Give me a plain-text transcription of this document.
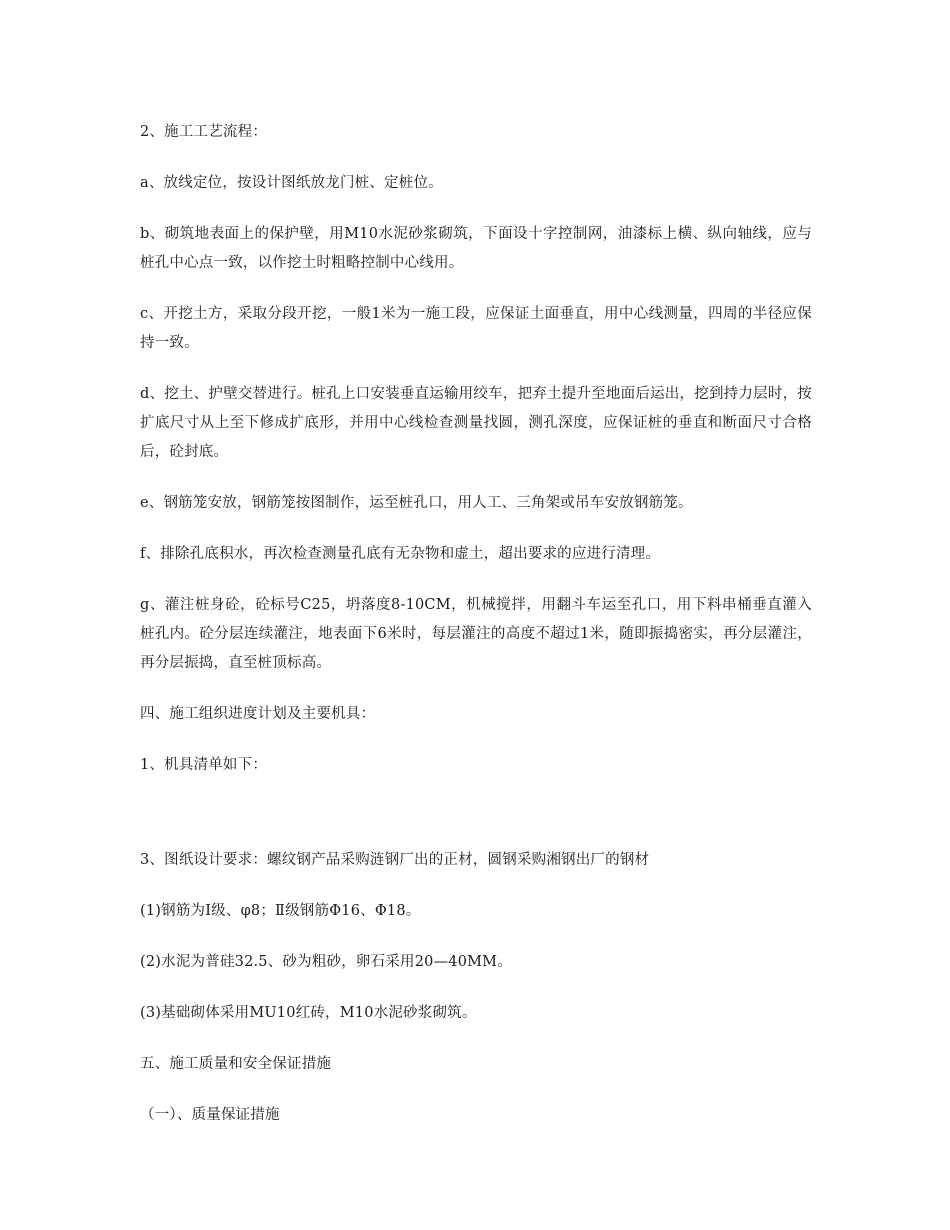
2、施工工艺流程：

a、放线定位，按设计图纸放龙门桩、定桩位。

b、砌筑地表面上的保护壁，用M10水泥砂浆砌筑，下面设十字控制网，油漆标上横、纵向轴线，应与桩孔中心点一致，以作挖土时粗略控制中心线用。

c、开挖土方，采取分段开挖，一般1米为一施工段，应保证土面垂直，用中心线测量，四周的半径应保持一致。

d、挖土、护壁交替进行。桩孔上口安装垂直运输用绞车，把弃土提升至地面后运出，挖到持力层时，按扩底尺寸从上至下修成扩底形，并用中心线检查测量找圆，测孔深度，应保证桩的垂直和断面尺寸合格后，砼封底。

e、钢筋笼安放，钢筋笼按图制作，运至桩孔口，用人工、三角架或吊车安放钢筋笼。

f、排除孔底积水，再次检查测量孔底有无杂物和虚土，超出要求的应进行清理。

g、灌注桩身砼，砼标号C25，坍落度8-10CM，机械搅拌，用翻斗车运至孔口，用下料串桶垂直灌入桩孔内。砼分层连续灌注，地表面下6米时，每层灌注的高度不超过1米，随即振捣密实，再分层灌注，再分层振捣，直至桩顶标高。

四、施工组织进度计划及主要机具：

1、机具清单如下：

3、图纸设计要求：螺纹钢产品采购涟钢厂出的正材，圆钢采购湘钢出厂的钢材

(1)钢筋为Ⅰ级、φ8；Ⅱ级钢筋Φ16、Φ18。

(2)水泥为普硅32.5、砂为粗砂，卵石采用20—40MM。

(3)基础砌体采用MU10红砖，M10水泥砂浆砌筑。

五、施工质量和安全保证措施

（一）、质量保证措施
